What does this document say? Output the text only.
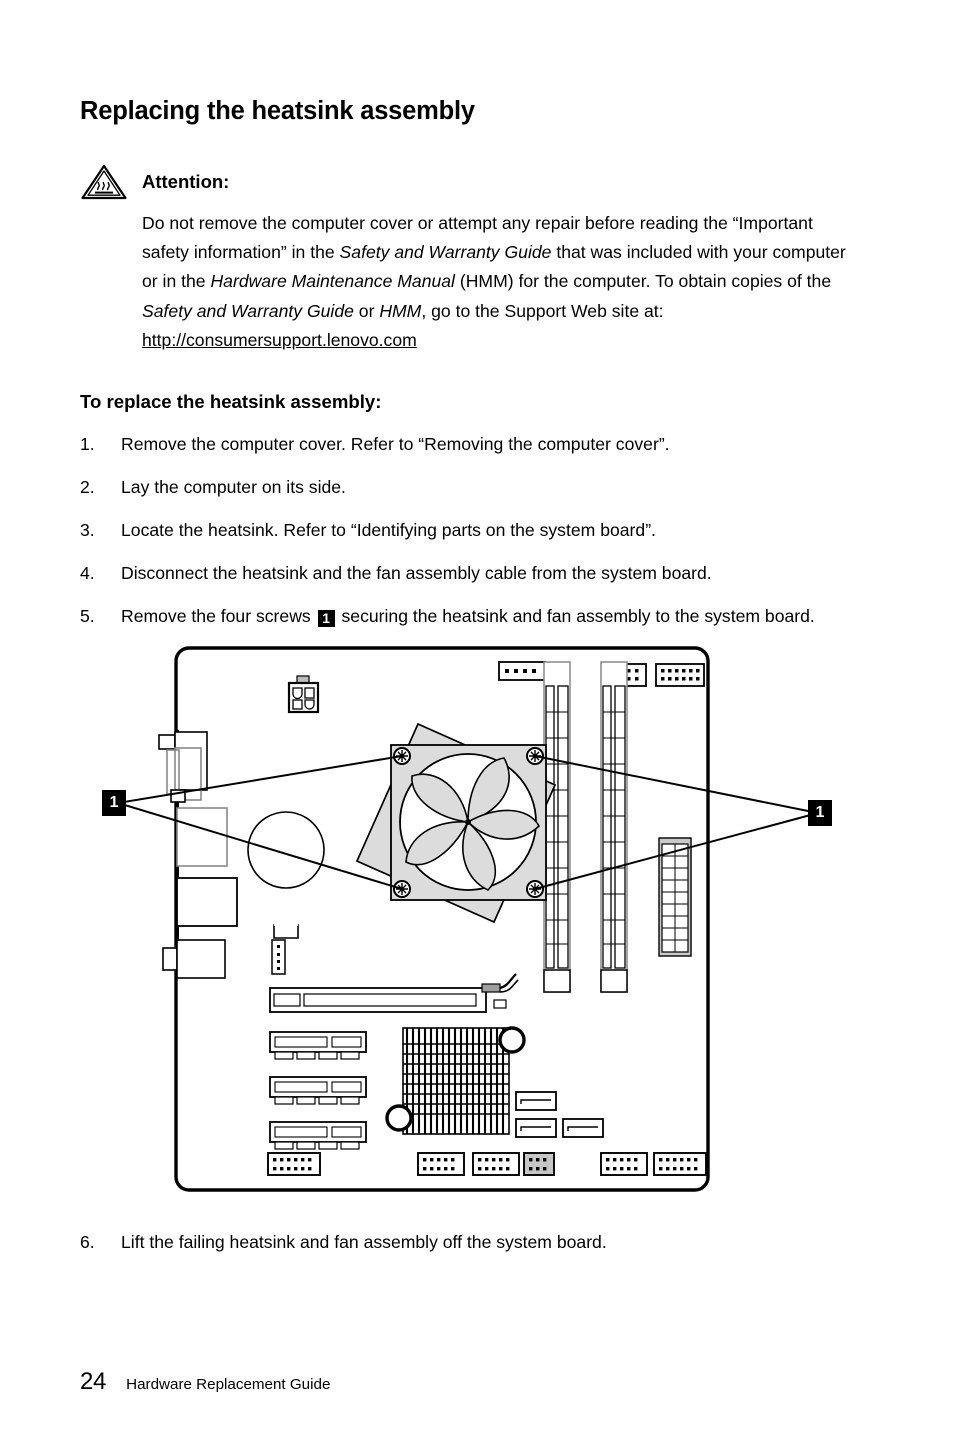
Replacing the heatsink assembly
Attention:
Do not remove the computer cover or attempt any repair before reading the “Important safety information” in the Safety and Warranty Guide that was included with your computer or in the Hardware Maintenance Manual (HMM) for the computer. To obtain copies of the Safety and Warranty Guide or HMM, go to the Support Web site at: http://consumersupport.lenovo.com
To replace the heatsink assembly:
1.	Remove the computer cover. Refer to “Removing the computer cover”.
2.	Lay the computer on its side.
3.	Locate the heatsink. Refer to “Identifying parts on the system board”.
4.	Disconnect the heatsink and the fan assembly cable from the system board.
5.	Remove the four screws 1 securing the heatsink and fan assembly to the system board.
1
1
6.	Lift the failing heatsink and fan assembly off the system board.
24 Hardware Replacement Guide
